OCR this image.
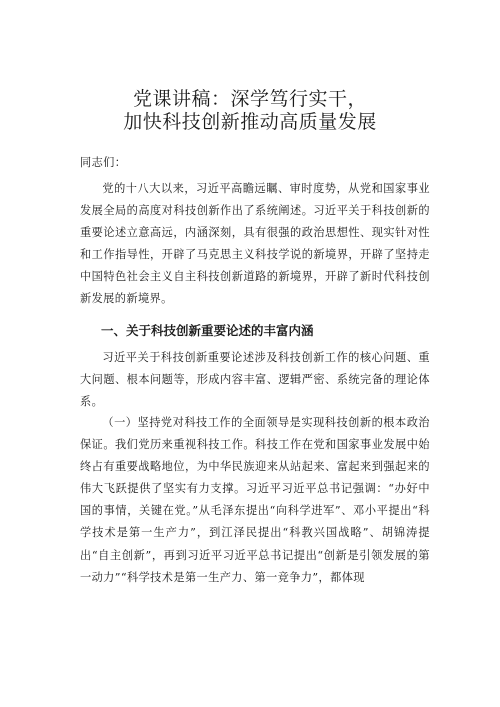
党课讲稿：深学笃行实干，
加快科技创新推动高质量发展

同志们：

党的十八大以来，习近平高瞻远瞩、审时度势，从党和国家事业发展全局的高度对科技创新作出了系统阐述。习近平关于科技创新的重要论述立意高远，内涵深刻，具有很强的政治思想性、现实针对性和工作指导性，开辟了马克思主义科技学说的新境界，开辟了坚持走中国特色社会主义自主科技创新道路的新境界，开辟了新时代科技创新发展的新境界。

一、关于科技创新重要论述的丰富内涵

习近平关于科技创新重要论述涉及科技创新工作的核心问题、重大问题、根本问题等，形成内容丰富、逻辑严密、系统完备的理论体系。

（一）坚持党对科技工作的全面领导是实现科技创新的根本政治保证。我们党历来重视科技工作。科技工作在党和国家事业发展中始终占有重要战略地位，为中华民族迎来从站起来、富起来到强起来的伟大飞跃提供了坚实有力支撑。习近平习近平总书记强调：“办好中国的事情，关键在党。”从毛泽东提出“向科学进军”、邓小平提出“科学技术是第一生产力”，到江泽民提出“科教兴国战略”、胡锦涛提出“自主创新”，再到习近平习近平总书记提出“创新是引领发展的第一动力”“科学技术是第一生产力、第一竞争力”，都体现
